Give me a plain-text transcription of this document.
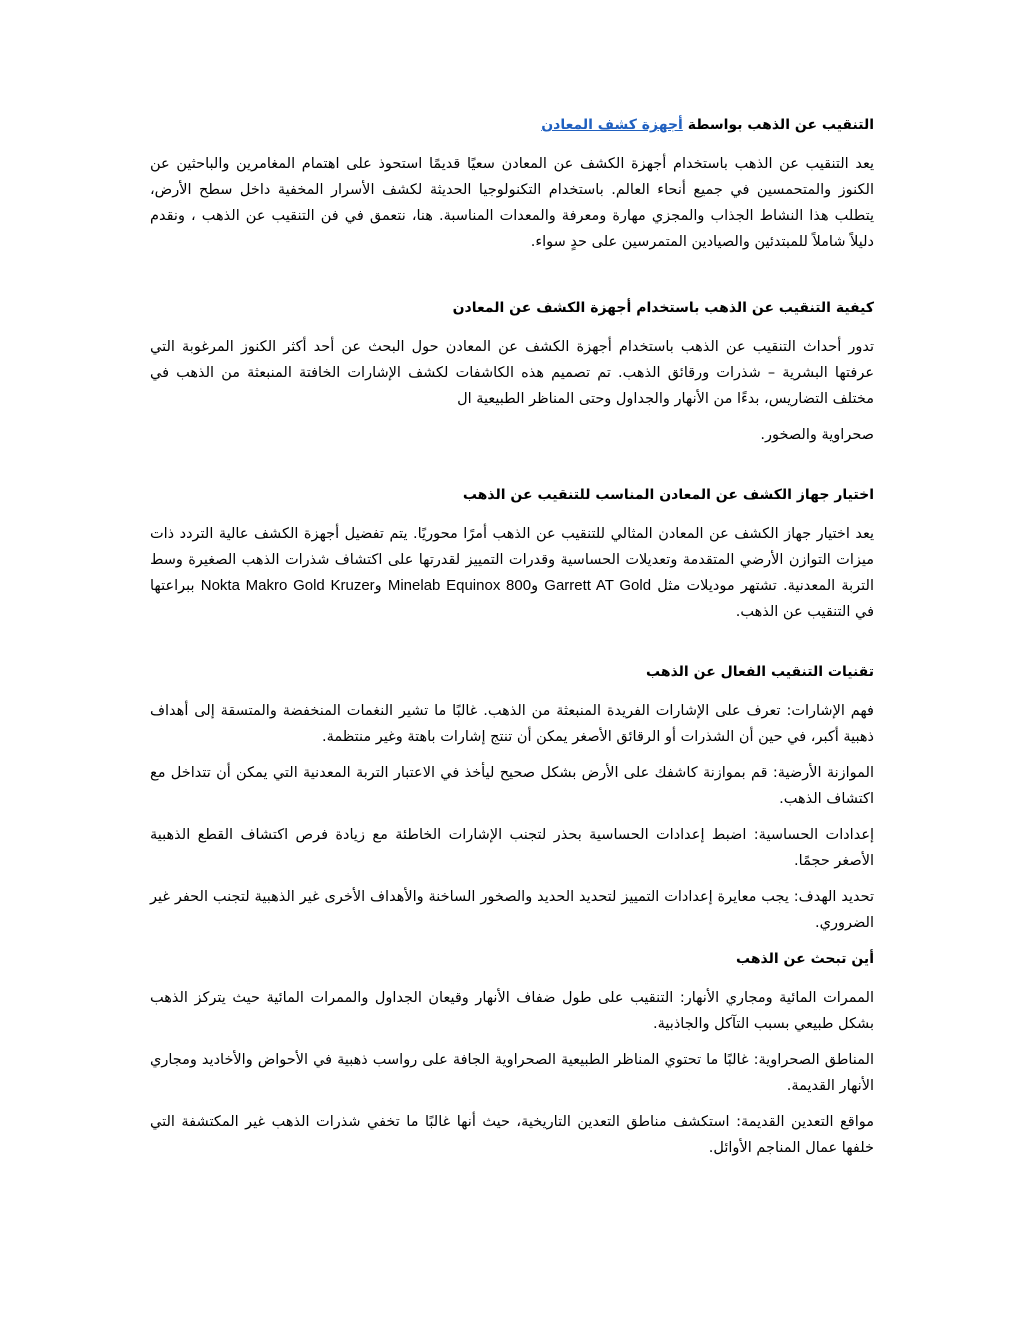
التنقيب عن الذهب بواسطة أجهزة كشف المعادن

يعد التنقيب عن الذهب باستخدام أجهزة الكشف عن المعادن سعيًا قديمًا استحوذ على اهتمام المغامرين والباحثين عن الكنوز والمتحمسين في جميع أنحاء العالم. باستخدام التكنولوجيا الحديثة لكشف الأسرار المخفية داخل سطح الأرض، يتطلب هذا النشاط الجذاب والمجزي مهارة ومعرفة والمعدات المناسبة. هنا، نتعمق في فن التنقيب عن الذهب ، ونقدم دليلاً شاملاً للمبتدئين والصيادين المتمرسين على حدٍ سواء.

كيفية التنقيب عن الذهب باستخدام أجهزة الكشف عن المعادن

تدور أحداث التنقيب عن الذهب باستخدام أجهزة الكشف عن المعادن حول البحث عن أحد أكثر الكنوز المرغوبة التي عرفتها البشرية – شذرات ورقائق الذهب. تم تصميم هذه الكاشفات لكشف الإشارات الخافتة المنبعثة من الذهب في مختلف التضاريس، بدءًا من الأنهار والجداول وحتى المناظر الطبيعية ال

صحراوية والصخور.

اختيار جهاز الكشف عن المعادن المناسب للتنقيب عن الذهب

يعد اختيار جهاز الكشف عن المعادن المثالي للتنقيب عن الذهب أمرًا محوريًا. يتم تفضيل أجهزة الكشف عالية التردد ذات ميزات التوازن الأرضي المتقدمة وتعديلات الحساسية وقدرات التمييز لقدرتها على اكتشاف شذرات الذهب الصغيرة وسط التربة المعدنية. تشتهر موديلات مثل Garrett AT Gold وMinelab Equinox 800 وNokta Makro Gold Kruzer ببراعتها في التنقيب عن الذهب.

تقنيات التنقيب الفعال عن الذهب

فهم الإشارات: تعرف على الإشارات الفريدة المنبعثة من الذهب. غالبًا ما تشير النغمات المنخفضة والمتسقة إلى أهداف ذهبية أكبر، في حين أن الشذرات أو الرقائق الأصغر يمكن أن تنتج إشارات باهتة وغير منتظمة.

الموازنة الأرضية: قم بموازنة كاشفك على الأرض بشكل صحيح ليأخذ في الاعتبار التربة المعدنية التي يمكن أن تتداخل مع اكتشاف الذهب.

إعدادات الحساسية: اضبط إعدادات الحساسية بحذر لتجنب الإشارات الخاطئة مع زيادة فرص اكتشاف القطع الذهبية الأصغر حجمًا.

تحديد الهدف: يجب معايرة إعدادات التمييز لتحديد الحديد والصخور الساخنة والأهداف الأخرى غير الذهبية لتجنب الحفر غير الضروري.

أين تبحث عن الذهب

الممرات المائية ومجاري الأنهار: التنقيب على طول ضفاف الأنهار وقيعان الجداول والممرات المائية حيث يتركز الذهب بشكل طبيعي بسبب التآكل والجاذبية.

المناطق الصحراوية: غالبًا ما تحتوي المناظر الطبيعية الصحراوية الجافة على رواسب ذهبية في الأحواض والأخاديد ومجاري الأنهار القديمة.

مواقع التعدين القديمة: استكشف مناطق التعدين التاريخية، حيث أنها غالبًا ما تخفي شذرات الذهب غير المكتشفة التي خلفها عمال المناجم الأوائل.
